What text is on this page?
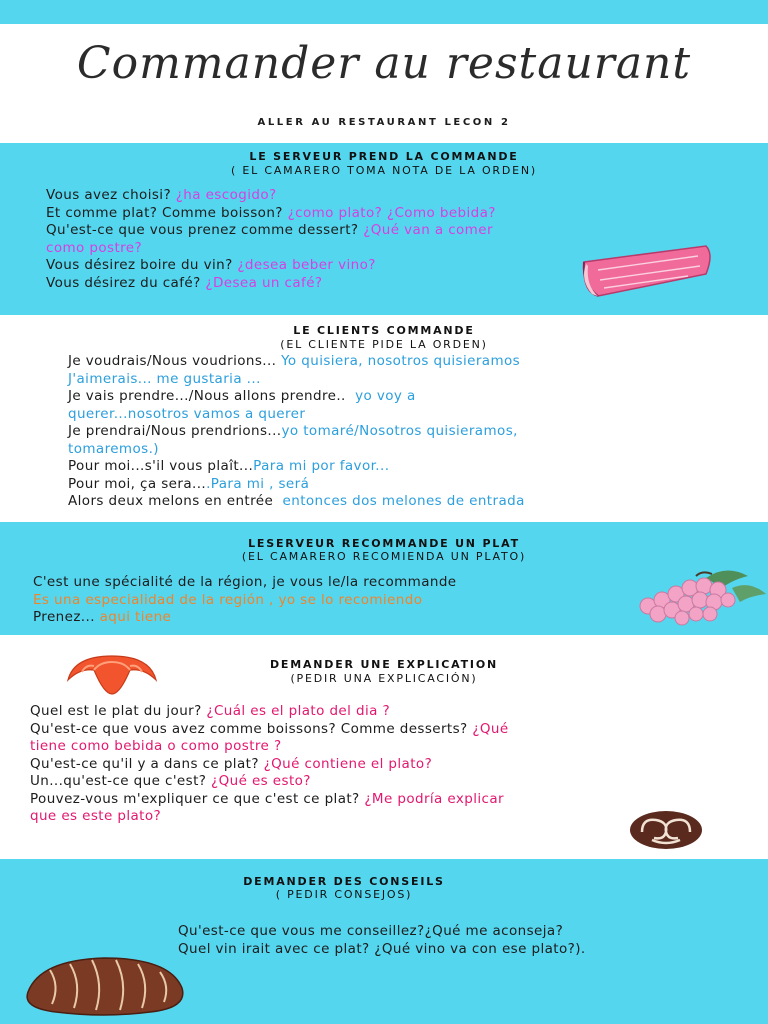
Commander au restaurant
ALLER AU RESTAURANT LECON 2
LE SERVEUR PREND LA COMMANDE
( EL CAMARERO TOMA NOTA DE LA ORDEN)

Vous avez choisi? ¿ha escogido?

Et comme plat? Comme boisson? ¿como plato? ¿Como bebida?

Qu'est-ce que vous prenez comme dessert? ¿Qué van a comer

como postre?

Vous désirez boire du vin? ¿desea beber vino?

Vous désirez du café? ¿Desea un café?

LE CLIENTS COMMANDE
(EL CLIENTE PIDE LA ORDEN)

Je voudrais/Nous voudrions... Yo quisiera, nosotros quisieramos

J'aimerais... me gustaria ...

Je vais prendre.../Nous allons prendre.. yo voy a

querer...nosotros vamos a querer

Je prendrai/Nous prendrions...yo tomaré/Nosotros quisieramos,

tomaremos.)

Pour moi...s'il vous plaît...Para mi por favor...

Pour moi, ça sera....Para mi , será

Alors deux melons en entrée entonces dos melones de entrada

LESERVEUR RECOMMANDE UN PLAT
(EL CAMARERO RECOMIENDA UN PLATO)

C'est une spécialité de la région, je vous le/la recommande

Es una especialidad de la región , yo se lo recomiendo

Prenez... aqui tiene

DEMANDER UNE EXPLICATION
(PEDIR UNA EXPLICACIÓN)

Quel est le plat du jour? ¿Cuál es el plato del dia ?

Qu'est-ce que vous avez comme boissons? Comme desserts? ¿Qué

tiene como bebida o como postre ?

Qu'est-ce qu'il y a dans ce plat? ¿Qué contiene el plato?

Un...qu'est-ce que c'est? ¿Qué es esto?

Pouvez-vous m'expliquer ce que c'est ce plat? ¿Me podría explicar

que es este plato?

DEMANDER DES CONSEILS
( PEDIR CONSEJOS)

Qu'est-ce que vous me conseillez?¿Qué me aconseja?

Quel vin irait avec ce plat? ¿Qué vino va con ese plato?).
